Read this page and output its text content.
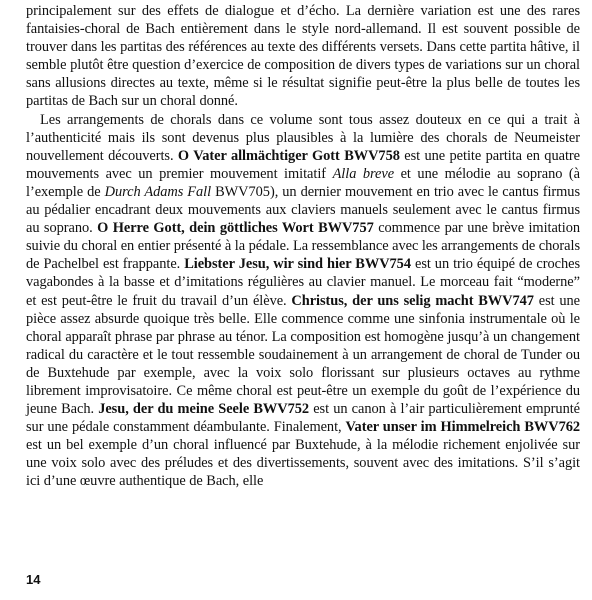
principalement sur des effets de dialogue et d’écho. La dernière variation est une des rares fantaisies-choral de Bach entièrement dans le style nord-allemand. Il est souvent possible de trouver dans les partitas des références au texte des différents versets. Dans cette partita hâtive, il semble plutôt être question d’exercice de composition de divers types de variations sur un choral sans allusions directes au texte, même si le résultat signifie peut-être la plus belle de toutes les partitas de Bach sur un choral donné.

Les arrangements de chorals dans ce volume sont tous assez douteux en ce qui a trait à l’authenticité mais ils sont devenus plus plausibles à la lumière des chorals de Neumeister nouvellement découverts. O Vater allmächtiger Gott BWV758 est une petite partita en quatre mouvements avec un premier mouvement imitatif Alla breve et une mélodie au soprano (à l’exemple de Durch Adams Fall BWV705), un dernier mouvement en trio avec le cantus firmus au pédalier encadrant deux mouvements aux claviers manuels seulement avec le cantus firmus au soprano. O Herre Gott, dein göttliches Wort BWV757 commence par une brève imitation suivie du choral en entier présenté à la pédale. La ressemblance avec les arrangements de chorals de Pachelbel est frappante. Liebster Jesu, wir sind hier BWV754 est un trio équipé de croches vagabondes à la basse et d’imitations régulières au clavier manuel. Le morceau fait “moderne” et est peut-être le fruit du travail d’un élève. Christus, der uns selig macht BWV747 est une pièce assez absurde quoique très belle. Elle commence comme une sinfonia instrumentale où le choral apparaît phrase par phrase au ténor. La composition est homogène jusqu’à un changement radical du caractère et le tout ressemble soudainement à un arrangement de choral de Tunder ou de Buxtehude par exemple, avec la voix solo florissant sur plusieurs octaves au rythme librement improvisatoire. Ce même choral est peut-être un exemple du goût de l’expérience du jeune Bach. Jesu, der du meine Seele BWV752 est un canon à l’air particulièrement emprunté sur une pédale constamment déambulante. Finalement, Vater unser im Himmelreich BWV762 est un bel exemple d’un choral influencé par Buxtehude, à la mélodie richement enjolivée sur une voix solo avec des préludes et des divertissements, souvent avec des imitations. S’il s’agit ici d’une œuvre authentique de Bach, elle

14
